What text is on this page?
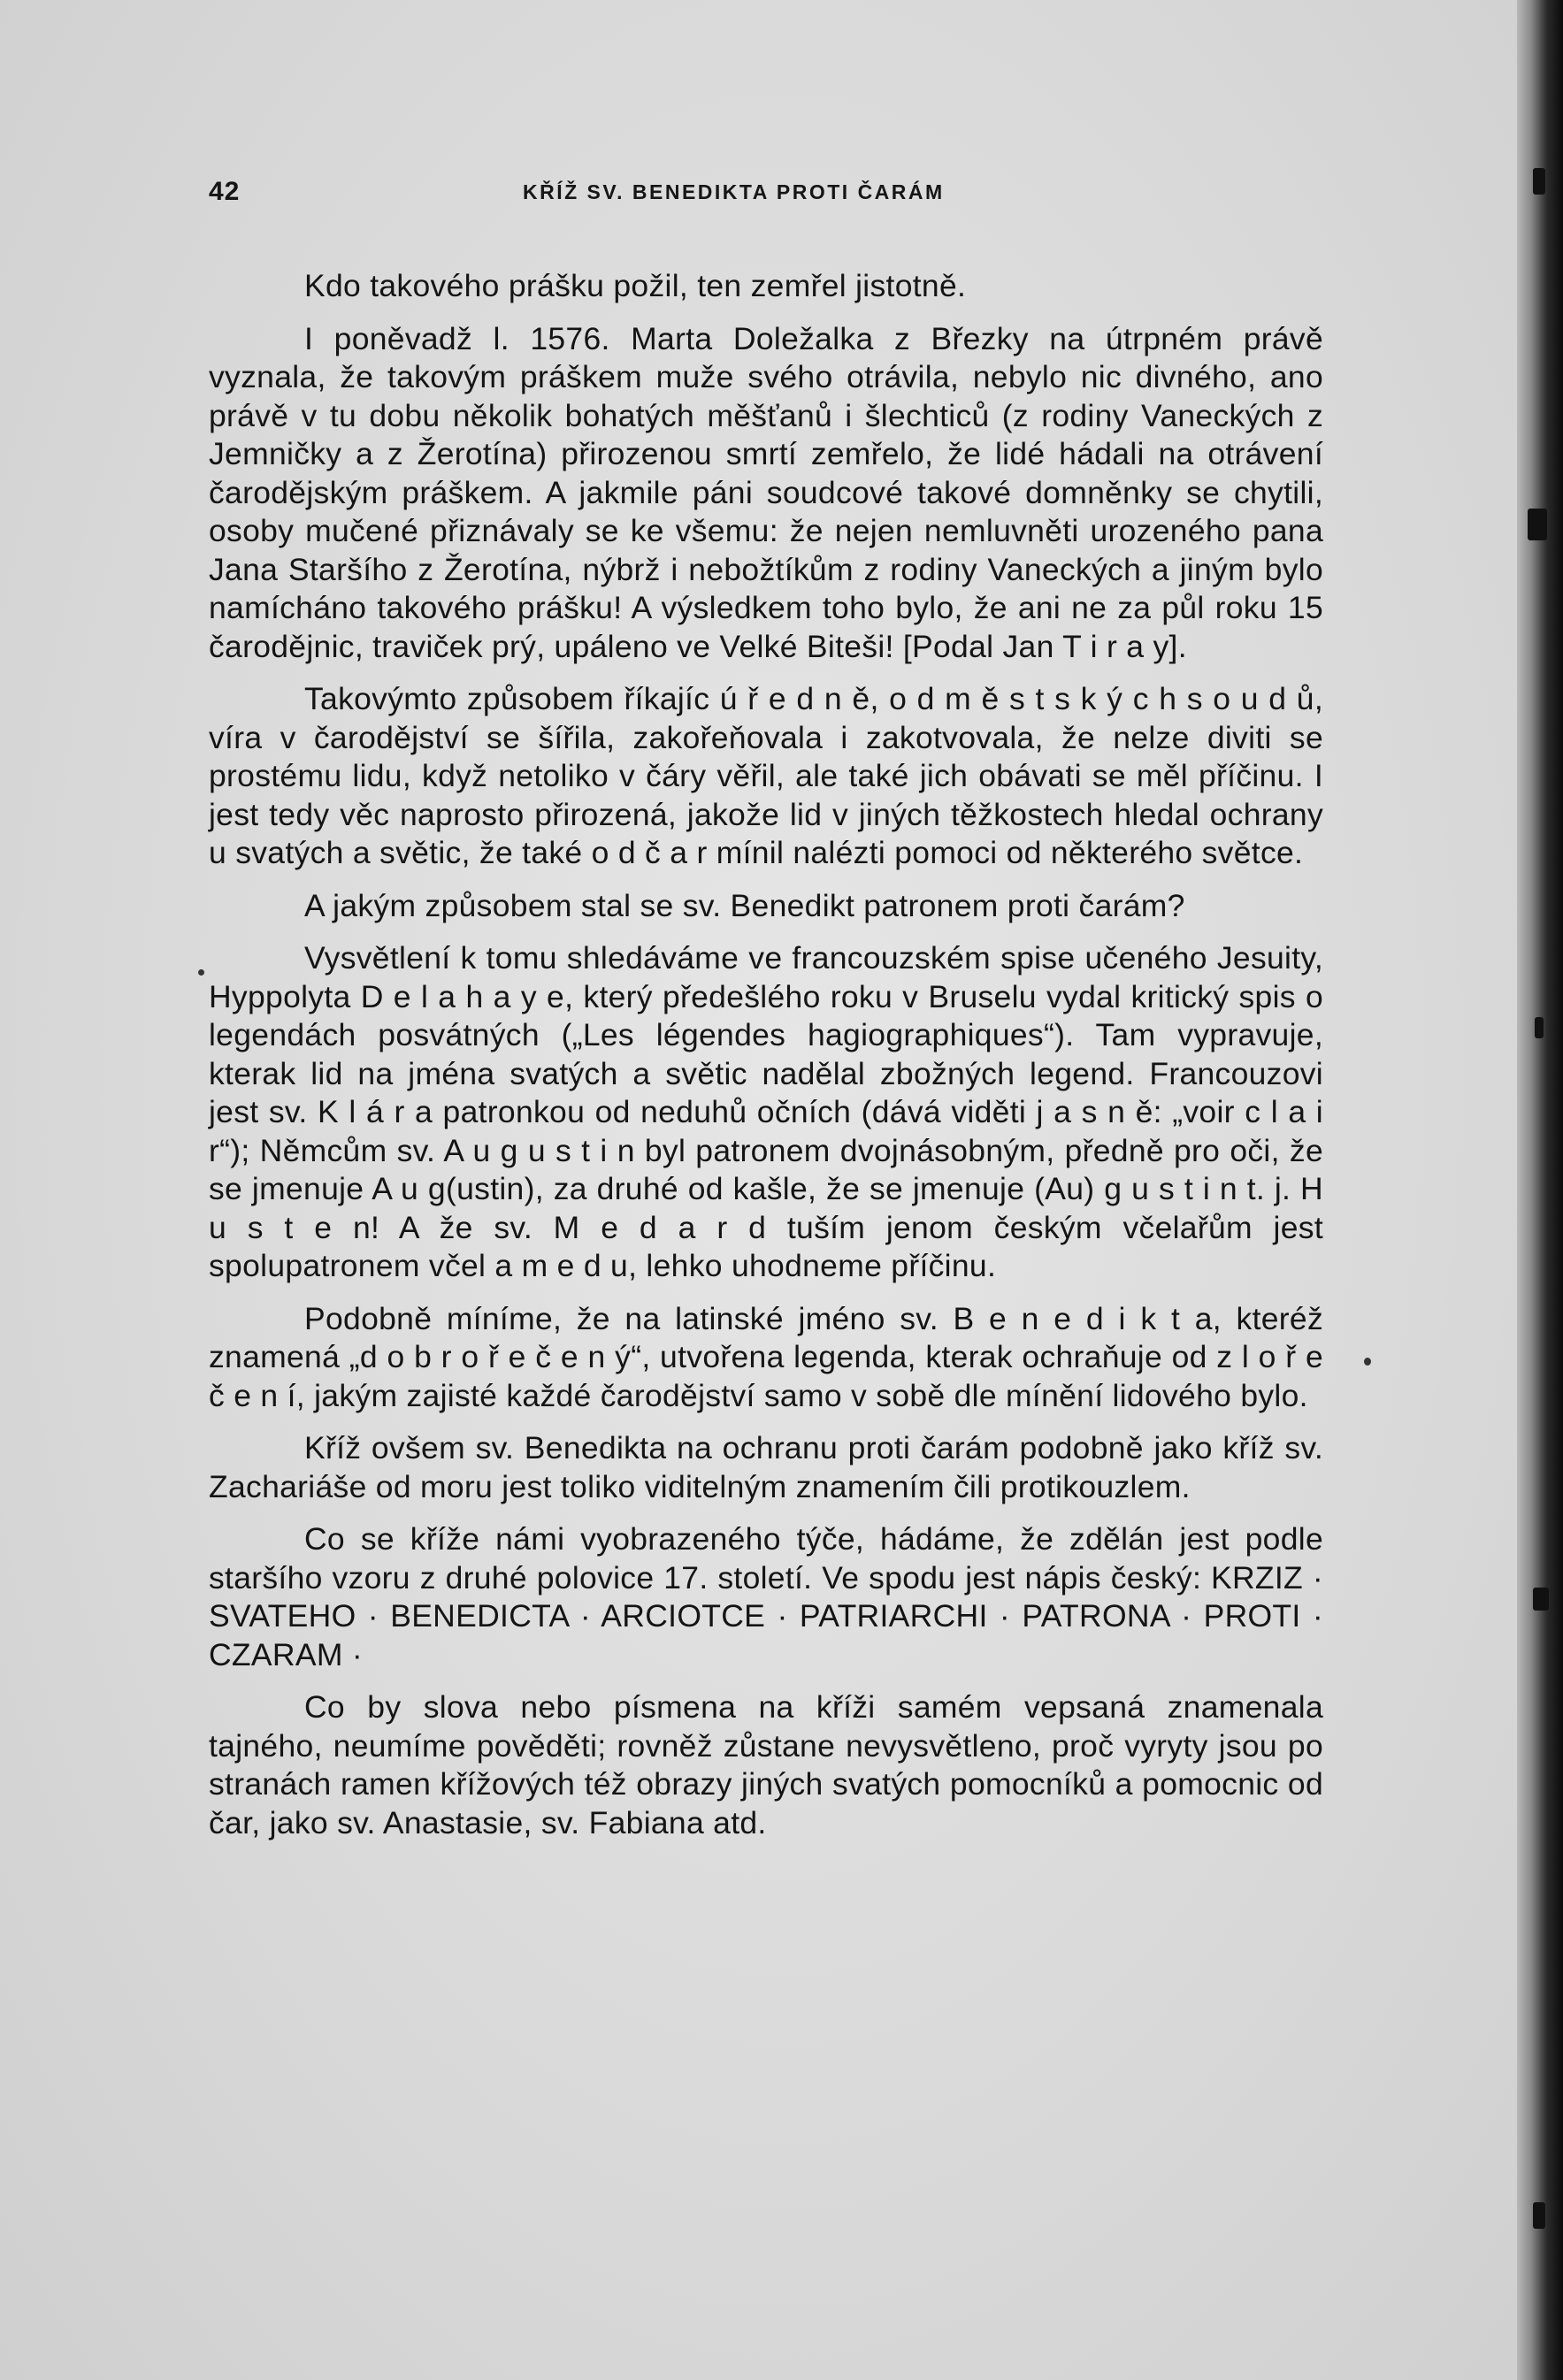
42	KŘÍŽ SV. BENEDIKTA PROTI ČARÁM

Kdo takového prášku požil, ten zemřel jistotně.

I poněvadž l. 1576. Marta Doležalka z Březky na útrpném právě vyznala, že takovým práškem muže svého otrávila, nebylo nic divného, ano právě v tu dobu několik bohatých měšťanů i šlechticů (z rodiny Vaneckých z Jemničky a z Žerotína) přirozenou smrtí zemřelo, že lidé hádali na otrávení čarodějským práškem. A jakmile páni soudcové takové domněnky se chytili, osoby mučené přiznávaly se ke všemu: že nejen nemluvněti urozeného pana Jana Staršího z Žerotína, nýbrž i nebožtíkům z rodiny Vaneckých a jiným bylo namícháno takového prášku! A výsledkem toho bylo, že ani ne za půl roku 15 čarodějnic, traviček prý, upáleno ve Velké Biteši! [Podal Jan T i r a y].

Takovýmto způsobem říkajíc ú ř e d n ě, o d m ě s t s k ý c h s o u d ů, víra v čarodějství se šířila, zakořeňovala i zakotvovala, že nelze diviti se prostému lidu, když netoliko v čáry věřil, ale také jich obávati se měl příčinu. I jest tedy věc naprosto přirozená, jakože lid v jiných těžkostech hledal ochrany u svatých a světic, že také o d č a r mínil nalézti pomoci od některého světce.

A jakým způsobem stal se sv. Benedikt patronem proti čarám?

Vysvětlení k tomu shledáváme ve francouzském spise učeného Jesuity, Hyppolyta D e l a h a y e, který předešlého roku v Bruselu vydal kritický spis o legendách posvátných („Les légendes hagiographiques“). Tam vypravuje, kterak lid na jména svatých a světic nadělal zbožných legend. Francouzovi jest sv. K l á r a patronkou od neduhů očních (dává viděti j a s n ě: „voir c l a i r“); Němcům sv. A u g u s t i n byl patronem dvojnásobným, předně pro oči, že se jmenuje A u g(ustin), za druhé od kašle, že se jmenuje (Au) g u s t i n t. j. H u s t e n! A že sv. M e d a r d tuším jenom českým včelařům jest spolupatronem včel a m e d u, lehko uhodneme příčinu.

Podobně míníme, že na latinské jméno sv. B e n e d i k t a, kteréž znamená „d o b r o ř e č e n ý“, utvořena legenda, kterak ochraňuje od z l o ř e č e n í, jakým zajisté každé čarodějství samo v sobě dle mínění lidového bylo.

Kříž ovšem sv. Benedikta na ochranu proti čarám podobně jako kříž sv. Zachariáše od moru jest toliko viditelným znamením čili protikouzlem.

Co se kříže námi vyobrazeného týče, hádáme, že zdělán jest podle staršího vzoru z druhé polovice 17. století. Ve spodu jest nápis český: KRZIZ · SVATEHO · BENEDICTA · ARCIOTCE · PATRIARCHI · PATRONA · PROTI · CZARAM ·

Co by slova nebo písmena na kříži samém vepsaná znamenala tajného, neumíme pověděti; rovněž zůstane nevysvětleno, proč vyryty jsou po stranách ramen křížových též obrazy jiných svatých pomocníků a pomocnic od čar, jako sv. Anastasie, sv. Fabiana atd.
